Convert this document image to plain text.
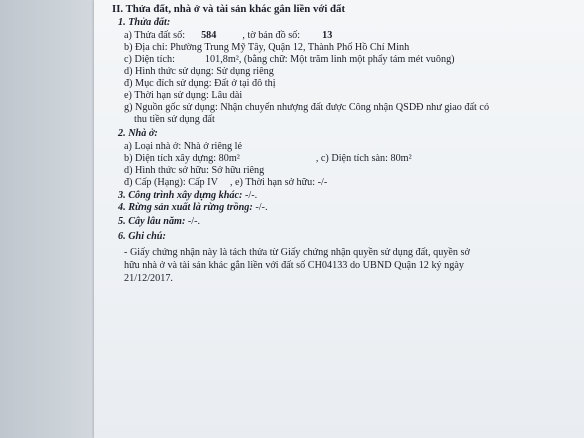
II. Thửa đất, nhà ở và tài sản khác gắn liền với đất
1. Thửa đất:
a) Thửa đất số: 584	, tờ bản đồ số: 13
b) Địa chỉ: Phường Trung Mỹ Tây, Quận 12, Thành Phố Hồ Chí Minh
c) Diện tích:	101,8m², (bằng chữ: Một trăm linh một phẩy tám mét vuông)
d) Hình thức sử dụng: Sử dụng riêng
đ) Mục đích sử dụng: Đất ở tại đô thị
e) Thời hạn sử dụng: Lâu dài
g) Nguồn gốc sử dụng: Nhận chuyển nhượng đất được Công nhận QSDĐ như giao đất có
thu tiền sử dụng đất
2. Nhà ở:
a) Loại nhà ở: Nhà ở riêng lẻ
b) Diện tích xây dựng: 80m²	, c) Diện tích sàn: 80m²
d) Hình thức sở hữu: Sở hữu riêng
đ) Cấp (Hạng): Cấp IV , e) Thời hạn sở hữu: -/-
3. Công trình xây dựng khác: -/-.
4. Rừng sản xuất là rừng trồng: -/-.
5. Cây lâu năm: -/-.
6. Ghi chú:
- Giấy chứng nhận này là tách thửa từ Giấy chứng nhận quyền sử dụng đất, quyền sở
hữu nhà ở và tài sản khác gắn liền với đất số CH04133 do UBND Quận 12 ký ngày
21/12/2017.
